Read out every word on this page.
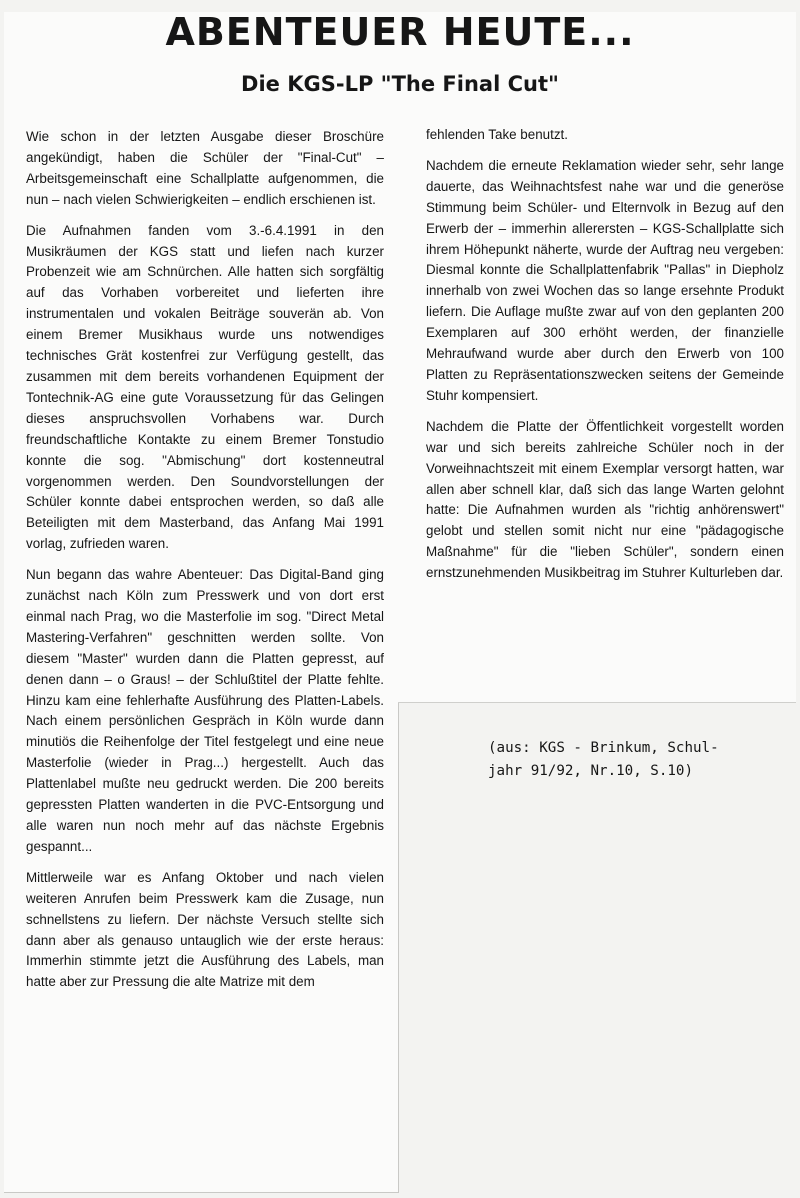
ABENTEUER HEUTE...
Die KGS-LP "The Final Cut"

Wie schon in der letzten Ausgabe dieser Broschüre angekündigt, haben die Schüler der "Final-Cut" – Arbeitsgemeinschaft eine Schallplatte aufgenommen, die nun – nach vielen Schwierigkeiten – endlich erschienen ist.

Die Aufnahmen fanden vom 3.-6.4.1991 in den Musikräumen der KGS statt und liefen nach kurzer Probenzeit wie am Schnürchen. Alle hatten sich sorgfältig auf das Vorhaben vorbereitet und lieferten ihre instrumentalen und vokalen Beiträge souverän ab. Von einem Bremer Musikhaus wurde uns notwendiges technisches Grät kostenfrei zur Verfügung gestellt, das zusammen mit dem bereits vorhandenen Equipment der Tontechnik-AG eine gute Voraussetzung für das Gelingen dieses anspruchsvollen Vorhabens war. Durch freundschaftliche Kontakte zu einem Bremer Tonstudio konnte die sog. "Abmischung" dort kostenneutral vorgenommen werden. Den Soundvorstellungen der Schüler konnte dabei entsprochen werden, so daß alle Beteiligten mit dem Masterband, das Anfang Mai 1991 vorlag, zufrieden waren.

Nun begann das wahre Abenteuer: Das Digital-Band ging zunächst nach Köln zum Presswerk und von dort erst einmal nach Prag, wo die Masterfolie im sog. "Direct Metal Mastering-Verfahren" geschnitten werden sollte. Von diesem "Master" wurden dann die Platten gepresst, auf denen dann – o Graus! – der Schlußtitel der Platte fehlte. Hinzu kam eine fehlerhafte Ausführung des Platten-Labels. Nach einem persönlichen Gespräch in Köln wurde dann minutiös die Reihenfolge der Titel festgelegt und eine neue Masterfolie (wieder in Prag...) hergestellt. Auch das Plattenlabel mußte neu gedruckt werden. Die 200 bereits gepressten Platten wanderten in die PVC-Entsorgung und alle waren nun noch mehr auf das nächste Ergebnis gespannt...

Mittlerweile war es Anfang Oktober und nach vielen weiteren Anrufen beim Presswerk kam die Zusage, nun schnellstens zu liefern. Der nächste Versuch stellte sich dann aber als genauso untauglich wie der erste heraus: Immerhin stimmte jetzt die Ausführung des Labels, man hatte aber zur Pressung die alte Matrize mit dem

fehlenden Take benutzt.

Nachdem die erneute Reklamation wieder sehr, sehr lange dauerte, das Weihnachtsfest nahe war und die generöse Stimmung beim Schüler- und Elternvolk in Bezug auf den Erwerb der – immerhin allerersten – KGS-Schallplatte sich ihrem Höhepunkt näherte, wurde der Auftrag neu vergeben: Diesmal konnte die Schallplattenfabrik "Pallas" in Diepholz innerhalb von zwei Wochen das so lange ersehnte Produkt liefern. Die Auflage mußte zwar auf von den geplanten 200 Exemplaren auf 300 erhöht werden, der finanzielle Mehraufwand wurde aber durch den Erwerb von 100 Platten zu Repräsentationszwecken seitens der Gemeinde Stuhr kompensiert.

Nachdem die Platte der Öffentlichkeit vorgestellt worden war und sich bereits zahlreiche Schüler noch in der Vorweihnachtszeit mit einem Exemplar versorgt hatten, war allen aber schnell klar, daß sich das lange Warten gelohnt hatte: Die Aufnahmen wurden als "richtig anhörenswert" gelobt und stellen somit nicht nur eine "pädagogische Maßnahme" für die "lieben Schüler", sondern einen ernstzunehmenden Musikbeitrag im Stuhrer Kulturleben dar.

(aus: KGS - Brinkum, Schul-
jahr 91/92, Nr.10, S.10)
